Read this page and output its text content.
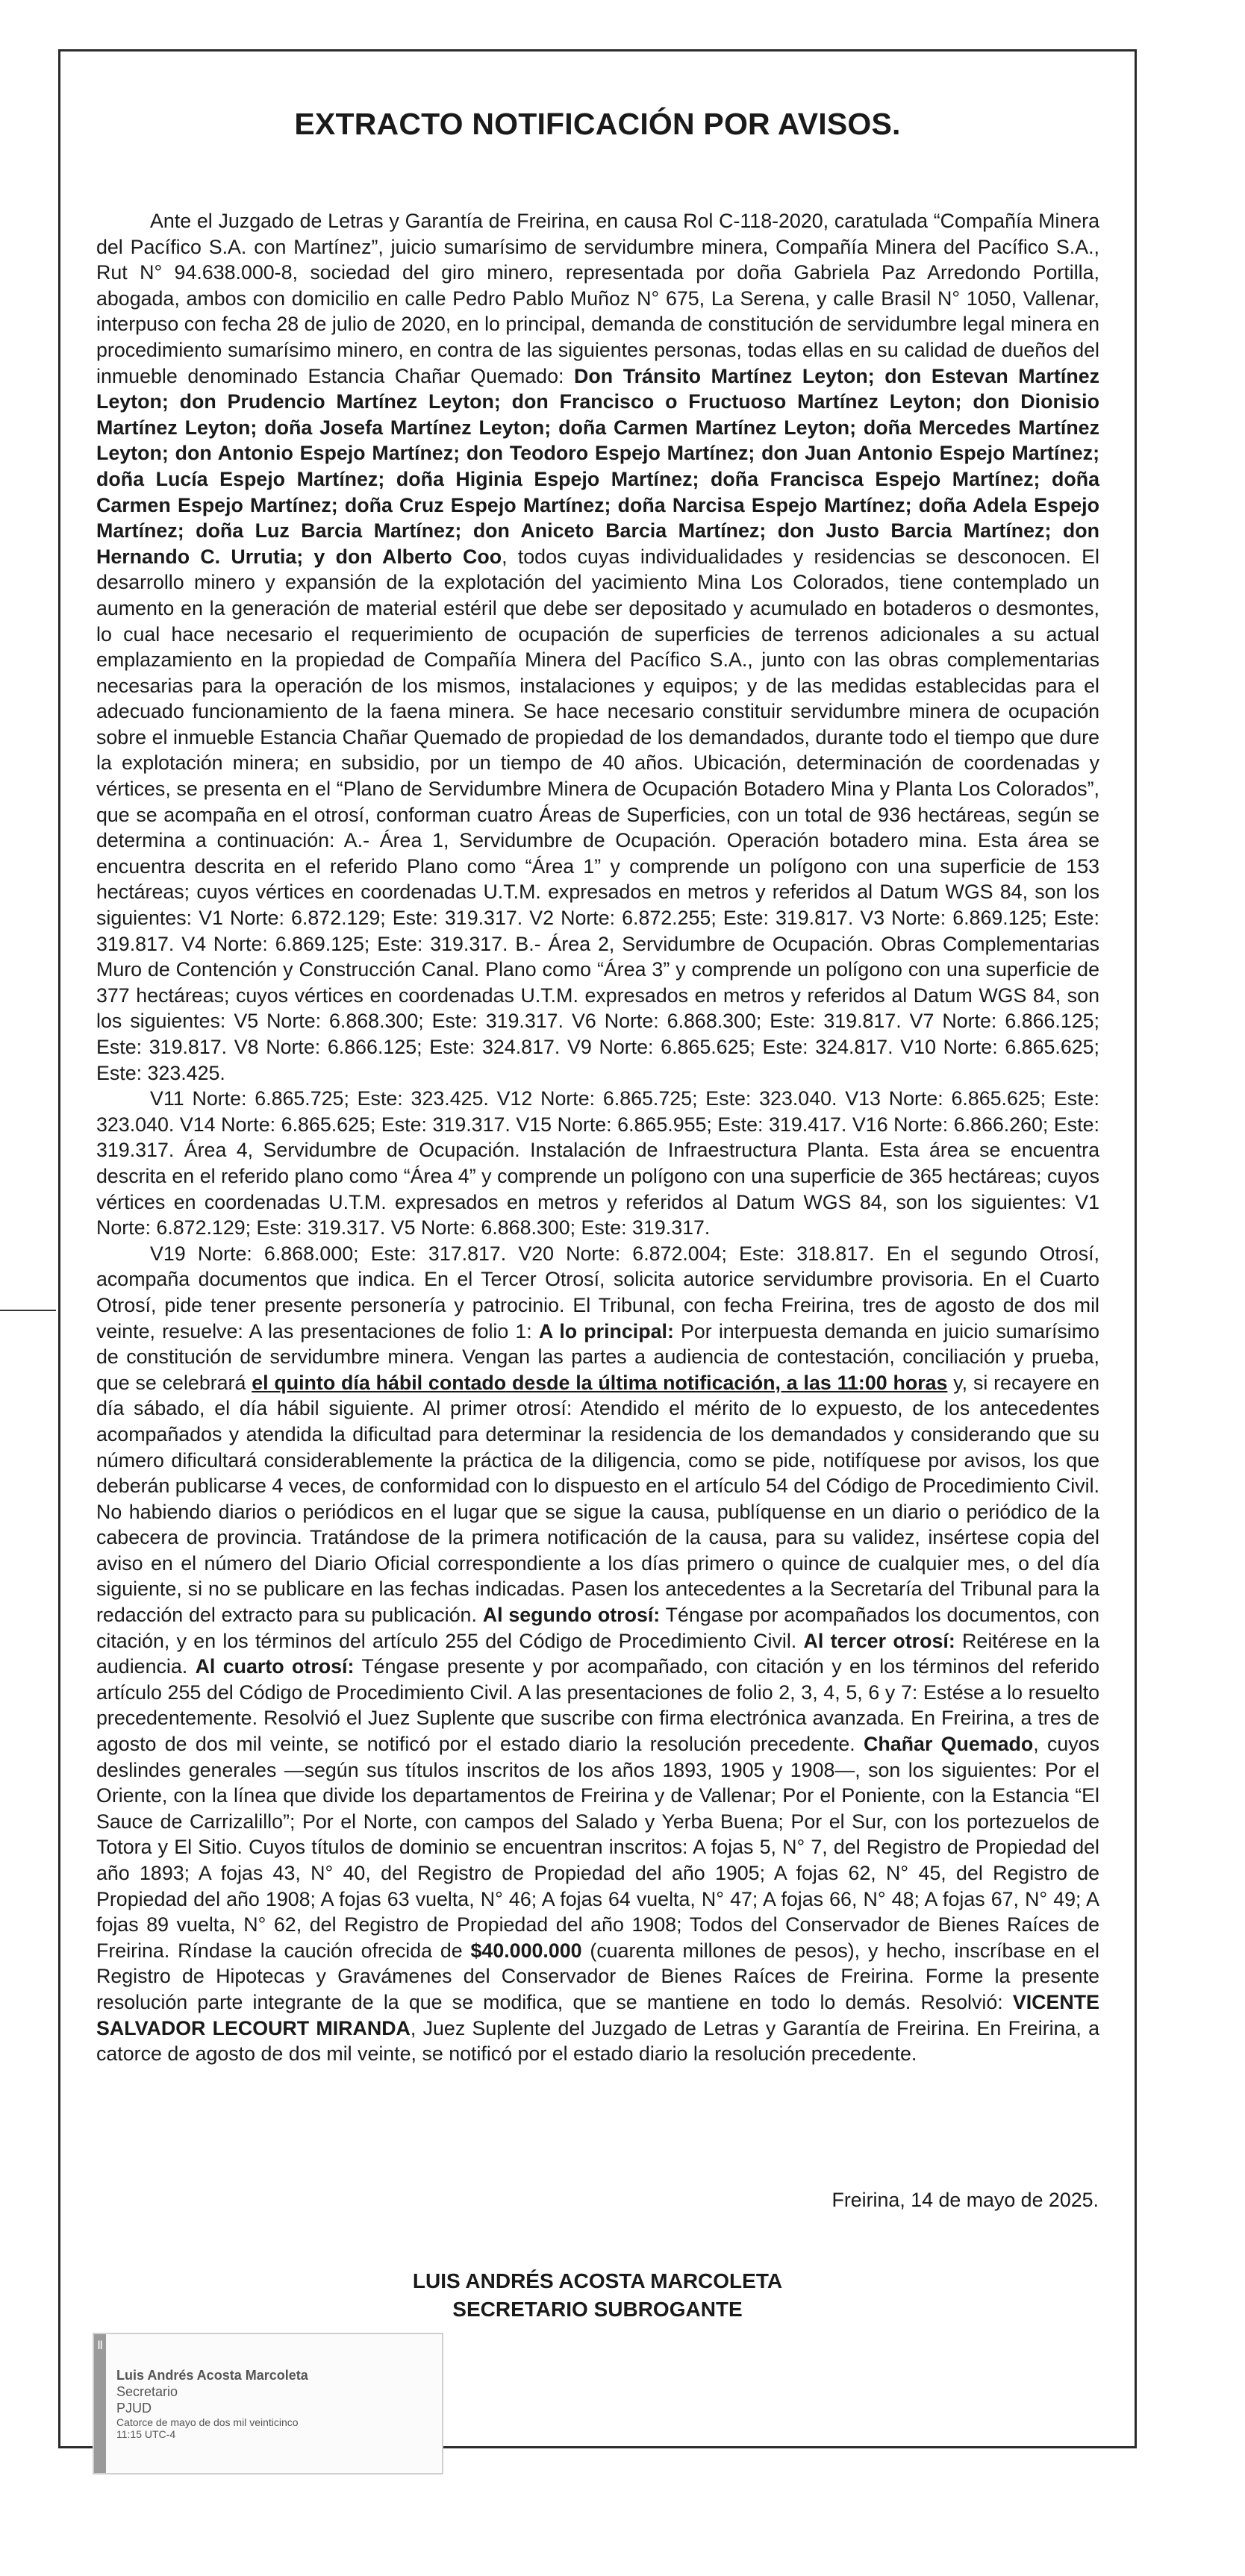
EXTRACTO NOTIFICACIÓN POR AVISOS.

Ante el Juzgado de Letras y Garantía de Freirina, en causa Rol C-118-2020, caratulada “Compañía Minera del Pacífico S.A. con Martínez”, juicio sumarísimo de servidumbre minera, Compañía Minera del Pacífico S.A., Rut N° 94.638.000-8, sociedad del giro minero, representada por doña Gabriela Paz Arredondo Portilla, abogada, ambos con domicilio en calle Pedro Pablo Muñoz N° 675, La Serena, y calle Brasil N° 1050, Vallenar, interpuso con fecha 28 de julio de 2020, en lo principal, demanda de constitución de servidumbre legal minera en procedimiento sumarísimo minero, en contra de las siguientes personas, todas ellas en su calidad de dueños del inmueble denominado Estancia Chañar Quemado: Don Tránsito Martínez Leyton; don Estevan Martínez Leyton; don Prudencio Martínez Leyton; don Francisco o Fructuoso Martínez Leyton; don Dionisio Martínez Leyton; doña Josefa Martínez Leyton; doña Carmen Martínez Leyton; doña Mercedes Martínez Leyton; don Antonio Espejo Martínez; don Teodoro Espejo Martínez; don Juan Antonio Espejo Martínez; doña Lucía Espejo Martínez; doña Higinia Espejo Martínez; doña Francisca Espejo Martínez; doña Carmen Espejo Martínez; doña Cruz Espejo Martínez; doña Narcisa Espejo Martínez; doña Adela Espejo Martínez; doña Luz Barcia Martínez; don Aniceto Barcia Martínez; don Justo Barcia Martínez; don Hernando C. Urrutia; y don Alberto Coo, todos cuyas individualidades y residencias se desconocen. El desarrollo minero y expansión de la explotación del yacimiento Mina Los Colorados, tiene contemplado un aumento en la generación de material estéril que debe ser depositado y acumulado en botaderos o desmontes, lo cual hace necesario el requerimiento de ocupación de superficies de terrenos adicionales a su actual emplazamiento en la propiedad de Compañía Minera del Pacífico S.A., junto con las obras complementarias necesarias para la operación de los mismos, instalaciones y equipos; y de las medidas establecidas para el adecuado funcionamiento de la faena minera. Se hace necesario constituir servidumbre minera de ocupación sobre el inmueble Estancia Chañar Quemado de propiedad de los demandados, durante todo el tiempo que dure la explotación minera; en subsidio, por un tiempo de 40 años. Ubicación, determinación de coordenadas y vértices, se presenta en el “Plano de Servidumbre Minera de Ocupación Botadero Mina y Planta Los Colorados”, que se acompaña en el otrosí, conforman cuatro Áreas de Superficies, con un total de 936 hectáreas, según se determina a continuación: A.- Área 1, Servidumbre de Ocupación. Operación botadero mina. Esta área se encuentra descrita en el referido Plano como “Área 1” y comprende un polígono con una superficie de 153 hectáreas; cuyos vértices en coordenadas U.T.M. expresados en metros y referidos al Datum WGS 84, son los siguientes: V1 Norte: 6.872.129; Este: 319.317. V2 Norte: 6.872.255; Este: 319.817. V3 Norte: 6.869.125; Este: 319.817. V4 Norte: 6.869.125; Este: 319.317. B.- Área 2, Servidumbre de Ocupación. Obras Complementarias Muro de Contención y Construcción Canal. Plano como “Área 3” y comprende un polígono con una superficie de 377 hectáreas; cuyos vértices en coordenadas U.T.M. expresados en metros y referidos al Datum WGS 84, son los siguientes: V5 Norte: 6.868.300; Este: 319.317. V6 Norte: 6.868.300; Este: 319.817. V7 Norte: 6.866.125; Este: 319.817. V8 Norte: 6.866.125; Este: 324.817. V9 Norte: 6.865.625; Este: 324.817. V10 Norte: 6.865.625; Este: 323.425.

V11 Norte: 6.865.725; Este: 323.425. V12 Norte: 6.865.725; Este: 323.040. V13 Norte: 6.865.625; Este: 323.040. V14 Norte: 6.865.625; Este: 319.317. V15 Norte: 6.865.955; Este: 319.417. V16 Norte: 6.866.260; Este: 319.317. Área 4, Servidumbre de Ocupación. Instalación de Infraestructura Planta. Esta área se encuentra descrita en el referido plano como “Área 4” y comprende un polígono con una superficie de 365 hectáreas; cuyos vértices en coordenadas U.T.M. expresados en metros y referidos al Datum WGS 84, son los siguientes: V1 Norte: 6.872.129; Este: 319.317. V5 Norte: 6.868.300; Este: 319.317.

V19 Norte: 6.868.000; Este: 317.817. V20 Norte: 6.872.004; Este: 318.817. En el segundo Otrosí, acompaña documentos que indica. En el Tercer Otrosí, solicita autorice servidumbre provisoria. En el Cuarto Otrosí, pide tener presente personería y patrocinio. El Tribunal, con fecha Freirina, tres de agosto de dos mil veinte, resuelve: A las presentaciones de folio 1: A lo principal: Por interpuesta demanda en juicio sumarísimo de constitución de servidumbre minera. Vengan las partes a audiencia de contestación, conciliación y prueba, que se celebrará el quinto día hábil contado desde la última notificación, a las 11:00 horas y, si recayere en día sábado, el día hábil siguiente. Al primer otrosí: Atendido el mérito de lo expuesto, de los antecedentes acompañados y atendida la dificultad para determinar la residencia de los demandados y considerando que su número dificultará considerablemente la práctica de la diligencia, como se pide, notifíquese por avisos, los que deberán publicarse 4 veces, de conformidad con lo dispuesto en el artículo 54 del Código de Procedimiento Civil. No habiendo diarios o periódicos en el lugar que se sigue la causa, publíquense en un diario o periódico de la cabecera de provincia. Tratándose de la primera notificación de la causa, para su validez, insértese copia del aviso en el número del Diario Oficial correspondiente a los días primero o quince de cualquier mes, o del día siguiente, si no se publicare en las fechas indicadas. Pasen los antecedentes a la Secretaría del Tribunal para la redacción del extracto para su publicación. Al segundo otrosí: Téngase por acompañados los documentos, con citación, y en los términos del artículo 255 del Código de Procedimiento Civil. Al tercer otrosí: Reitérese en la audiencia. Al cuarto otrosí: Téngase presente y por acompañado, con citación y en los términos del referido artículo 255 del Código de Procedimiento Civil. A las presentaciones de folio 2, 3, 4, 5, 6 y 7: Estése a lo resuelto precedentemente. Resolvió el Juez Suplente que suscribe con firma electrónica avanzada. En Freirina, a tres de agosto de dos mil veinte, se notificó por el estado diario la resolución precedente. Chañar Quemado, cuyos deslindes generales —según sus títulos inscritos de los años 1893, 1905 y 1908—, son los siguientes: Por el Oriente, con la línea que divide los departamentos de Freirina y de Vallenar; Por el Poniente, con la Estancia “El Sauce de Carrizalillo”; Por el Norte, con campos del Salado y Yerba Buena; Por el Sur, con los portezuelos de Totora y El Sitio. Cuyos títulos de dominio se encuentran inscritos: A fojas 5, N° 7, del Registro de Propiedad del año 1893; A fojas 43, N° 40, del Registro de Propiedad del año 1905; A fojas 62, N° 45, del Registro de Propiedad del año 1908; A fojas 63 vuelta, N° 46; A fojas 64 vuelta, N° 47; A fojas 66, N° 48; A fojas 67, N° 49; A fojas 89 vuelta, N° 62, del Registro de Propiedad del año 1908; Todos del Conservador de Bienes Raíces de Freirina. Ríndase la caución ofrecida de $40.000.000 (cuarenta millones de pesos), y hecho, inscríbase en el Registro de Hipotecas y Gravámenes del Conservador de Bienes Raíces de Freirina. Forme la presente resolución parte integrante de la que se modifica, que se mantiene en todo lo demás. Resolvió: VICENTE SALVADOR LECOURT MIRANDA, Juez Suplente del Juzgado de Letras y Garantía de Freirina. En Freirina, a catorce de agosto de dos mil veinte, se notificó por el estado diario la resolución precedente.

Freirina, 14 de mayo de 2025.
LUIS ANDRÉS ACOSTA MARCOLETA
SECRETARIO SUBROGANTE
Ⅱ
Luis Andrés Acosta Marcoleta
Secretario
PJUD
Catorce de mayo de dos mil veinticinco
11:15 UTC-4
